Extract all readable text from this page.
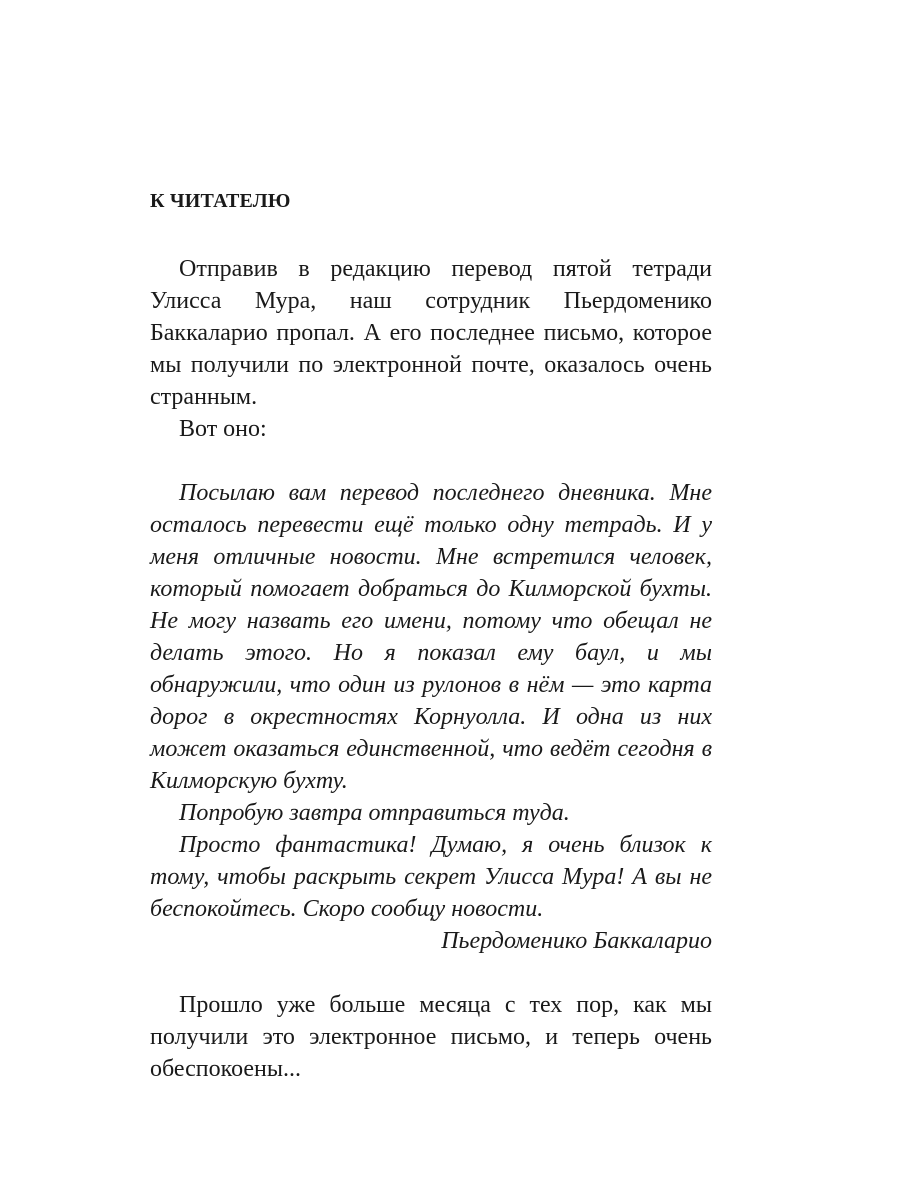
К ЧИТАТЕЛЮ

Отправив в редакцию перевод пятой тетради Улисса Мура, наш сотрудник Пьердоменико Баккаларио пропал. А его последнее письмо, которое мы получили по электронной почте, оказалось очень странным.

Вот оно:

Посылаю вам перевод последнего дневника. Мне осталось перевести ещё только одну тетрадь. И у меня отличные новости. Мне встретился человек, который помогает добраться до Килморской бухты. Не могу назвать его имени, потому что обещал не делать этого. Но я показал ему баул, и мы обнаружили, что один из рулонов в нём — это карта дорог в окрестностях Корнуолла. И одна из них может оказаться единственной, что ведёт сегодня в Килморскую бухту.

Попробую завтра отправиться туда.

Просто фантастика! Думаю, я очень близок к тому, чтобы раскрыть секрет Улисса Мура! А вы не беспокойтесь. Скоро сообщу новости.

Пьердоменико Баккаларио

Прошло уже больше месяца с тех пор, как мы получили это электронное письмо, и теперь очень обеспокоены...
